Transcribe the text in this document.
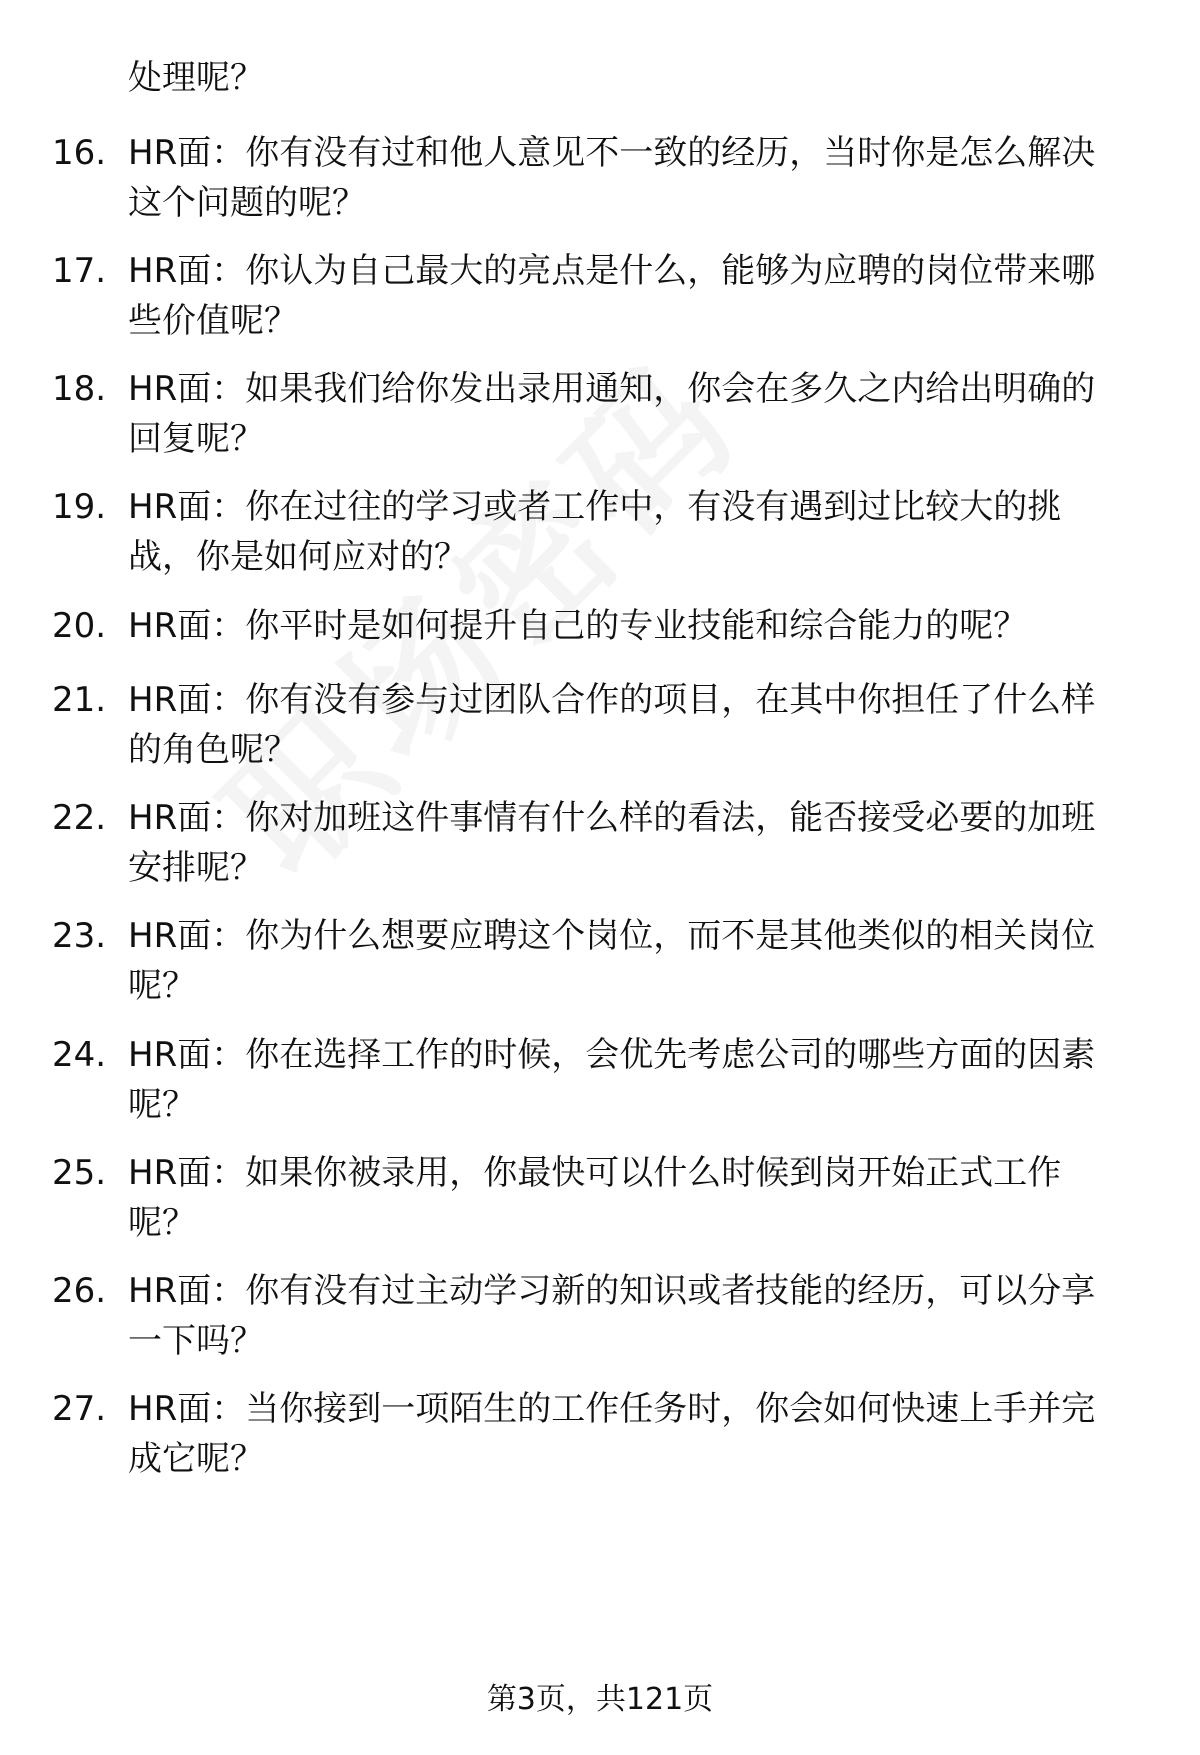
处理呢？
16. HR面：你有没有过和他人意见不一致的经历，当时你是怎么解决
这个问题的呢？
17. HR面：你认为自己最大的亮点是什么，能够为应聘的岗位带来哪
些价值呢？
18. HR面：如果我们给你发出录用通知，你会在多久之内给出明确的
回复呢？
19. HR面：你在过往的学习或者工作中，有没有遇到过比较大的挑
战，你是如何应对的？
20. HR面：你平时是如何提升自己的专业技能和综合能力的呢？
21. HR面：你有没有参与过团队合作的项目，在其中你担任了什么样
的角色呢？
22. HR面：你对加班这件事情有什么样的看法，能否接受必要的加班
安排呢？
23. HR面：你为什么想要应聘这个岗位，而不是其他类似的相关岗位
呢？
24. HR面：你在选择工作的时候，会优先考虑公司的哪些方面的因素
呢？
25. HR面：如果你被录用，你最快可以什么时候到岗开始正式工作
呢？
26. HR面：你有没有过主动学习新的知识或者技能的经历，可以分享
一下吗？
27. HR面：当你接到一项陌生的工作任务时，你会如何快速上手并完
成它呢？
第3页，共121页
